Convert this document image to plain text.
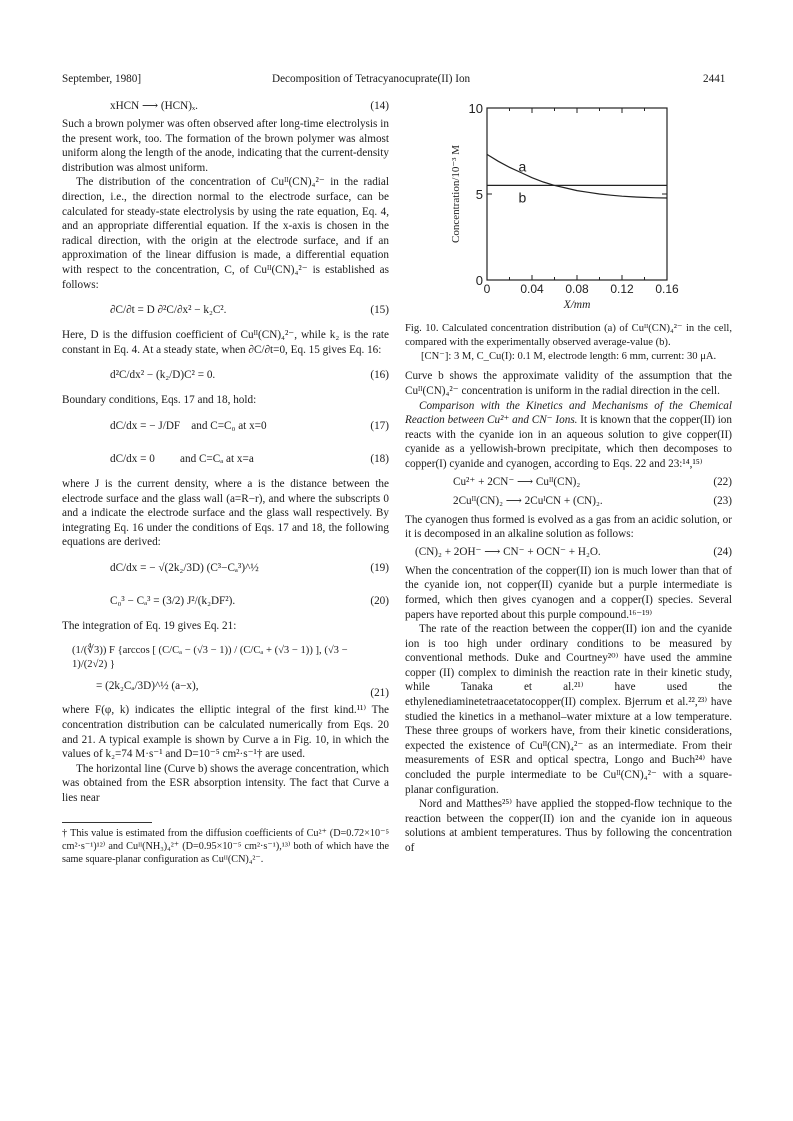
September, 1980]	Decomposition of Tetracyanocuprate(II) Ion	2441
xHCN ⟶ (HCN)ₓ.	(14)

Such a brown polymer was often observed after long-time electrolysis in the present work, too. The formation of the brown polymer was almost uniform along the length of the anode, indicating that the current-density distribution was almost uniform.

The distribution of the concentration of Cuᴵᴵ(CN)₄²⁻ in the radial direction, i.e., the direction normal to the electrode surface, can be calculated for steady-state electrolysis by using the rate equation, Eq. 4, and an appropriate differential equation. If the x-axis is chosen in the radical direction, with the origin at the electrode surface, and if an approximation of the linear diffusion is made, a differential equation with respect to the concentration, C, of Cuᴵᴵ(CN)₄²⁻ is established as follows:

∂C/∂t = D ∂²C/∂x² − k₂C².	(15)

Here, D is the diffusion coefficient of Cuᴵᴵ(CN)₄²⁻, while k₂ is the rate constant in Eq. 4. At a steady state, when ∂C/∂t=0, Eq. 15 gives Eq. 16:

d²C/dx² − (k₂/D)C² = 0.	(16)

Boundary conditions, Eqs. 17 and 18, hold:

dC/dx = − J/DF    and C=C₀ at x=0	(17)
dC/dx = 0         and C=Cₐ at x=a	(18)

where J is the current density, where a is the distance between the electrode surface and the glass wall (a=R−r), and where the subscripts 0 and a indicate the electrode surface and the glass wall respectively. By integrating Eq. 16 under the conditions of Eqs. 17 and 18, the following equations are derived:

dC/dx = − √(2k₂/3D) (C³−Cₐ³)^½	(19)
C₀³ − Cₐ³ = (3/2) J²/(k₂DF²).	(20)

The integration of Eq. 19 gives Eq. 21:

(1/(∜3)) F {arccos [ (C/Cₐ − (√3 − 1)) / (C/Cₐ + (√3 − 1)) ], (√3 − 1)/(2√2) }
= (2k₂Cₐ/3D)^½ (a−x),
(21)

where F(φ, k) indicates the elliptic integral of the first kind.¹¹⁾ The concentration distribution can be calculated numerically from Eqs. 20 and 21. A typical example is shown by Curve a in Fig. 10, in which the values of k₂=74 M·s⁻¹ and D=10⁻⁵ cm²·s⁻¹† are used.

The horizontal line (Curve b) shows the average concentration, which was obtained from the ESR absorption intensity. The fact that Curve a lies near

† This value is estimated from the diffusion coefficients of Cu²⁺ (D=0.72×10⁻⁵ cm²·s⁻¹)¹²⁾ and Cuᴵᴵ(NH₃)₄²⁺ (D=0.95×10⁻⁵ cm²·s⁻¹),¹³⁾ both of which have the same square-planar configuration as Cuᴵᴵ(CN)₄²⁻.

0 0.04 0.08 0.12 0.16
0
5
10
Concentration/10⁻³ M
X/mm
a
b

Fig. 10. Calculated concentration distribution (a) of Cuᴵᴵ(CN)₄²⁻ in the cell, compared with the experimentally observed average-value (b).

[CN⁻]: 3 M, C_Cu(I): 0.1 M, electrode length: 6 mm, current: 30 μA.

Curve b shows the approximate validity of the assumption that the Cuᴵᴵ(CN)₄²⁻ concentration is uniform in the radial direction in the cell.

Comparison with the Kinetics and Mechanisms of the Chemical Reaction between Cu²⁺ and CN⁻ Ions. It is known that the copper(II) ion reacts with the cyanide ion in an aqueous solution to give copper(II) cyanide as a yellowish-brown precipitate, which then decomposes to copper(I) cyanide and cyanogen, according to Eqs. 22 and 23:¹⁴,¹⁵⁾

Cu²⁺ + 2CN⁻ ⟶ Cuᴵᴵ(CN)₂	(22)
2Cuᴵᴵ(CN)₂ ⟶ 2CuᴵCN + (CN)₂.	(23)

The cyanogen thus formed is evolved as a gas from an acidic solution, or it is decomposed in an alkaline solution as follows:

(CN)₂ + 2OH⁻ ⟶ CN⁻ + OCN⁻ + H₂O.	(24)

When the concentration of the copper(II) ion is much lower than that of the cyanide ion, not copper(II) cyanide but a purple intermediate is formed, which then gives cyanogen and a copper(I) species. Several papers have reported about this purple compound.¹⁶⁻¹⁹⁾

The rate of the reaction between the copper(II) ion and the cyanide ion is too high under ordinary conditions to be measured by conventional methods. Duke and Courtney²⁰⁾ have used the ammine copper (II) complex to diminish the reaction rate in their kinetic study, while Tanaka et al.²¹⁾ have used the ethylenediaminetetraacetatocopper(II) complex. Bjerrum et al.²²,²³⁾ have studied the kinetics in a methanol–water mixture at a low temperature. These three groups of workers have, from their kinetic considerations, expected the existence of Cuᴵᴵ(CN)₄²⁻ as an intermediate. From their measurements of ESR and optical spectra, Longo and Buch²⁴⁾ have concluded the purple intermediate to be Cuᴵᴵ(CN)₄²⁻ with a square-planar configuration.

Nord and Matthes²⁵⁾ have applied the stopped-flow technique to the reaction between the copper(II) ion and the cyanide ion in aqueous solutions at ambient temperatures. Thus by following the concentration of
